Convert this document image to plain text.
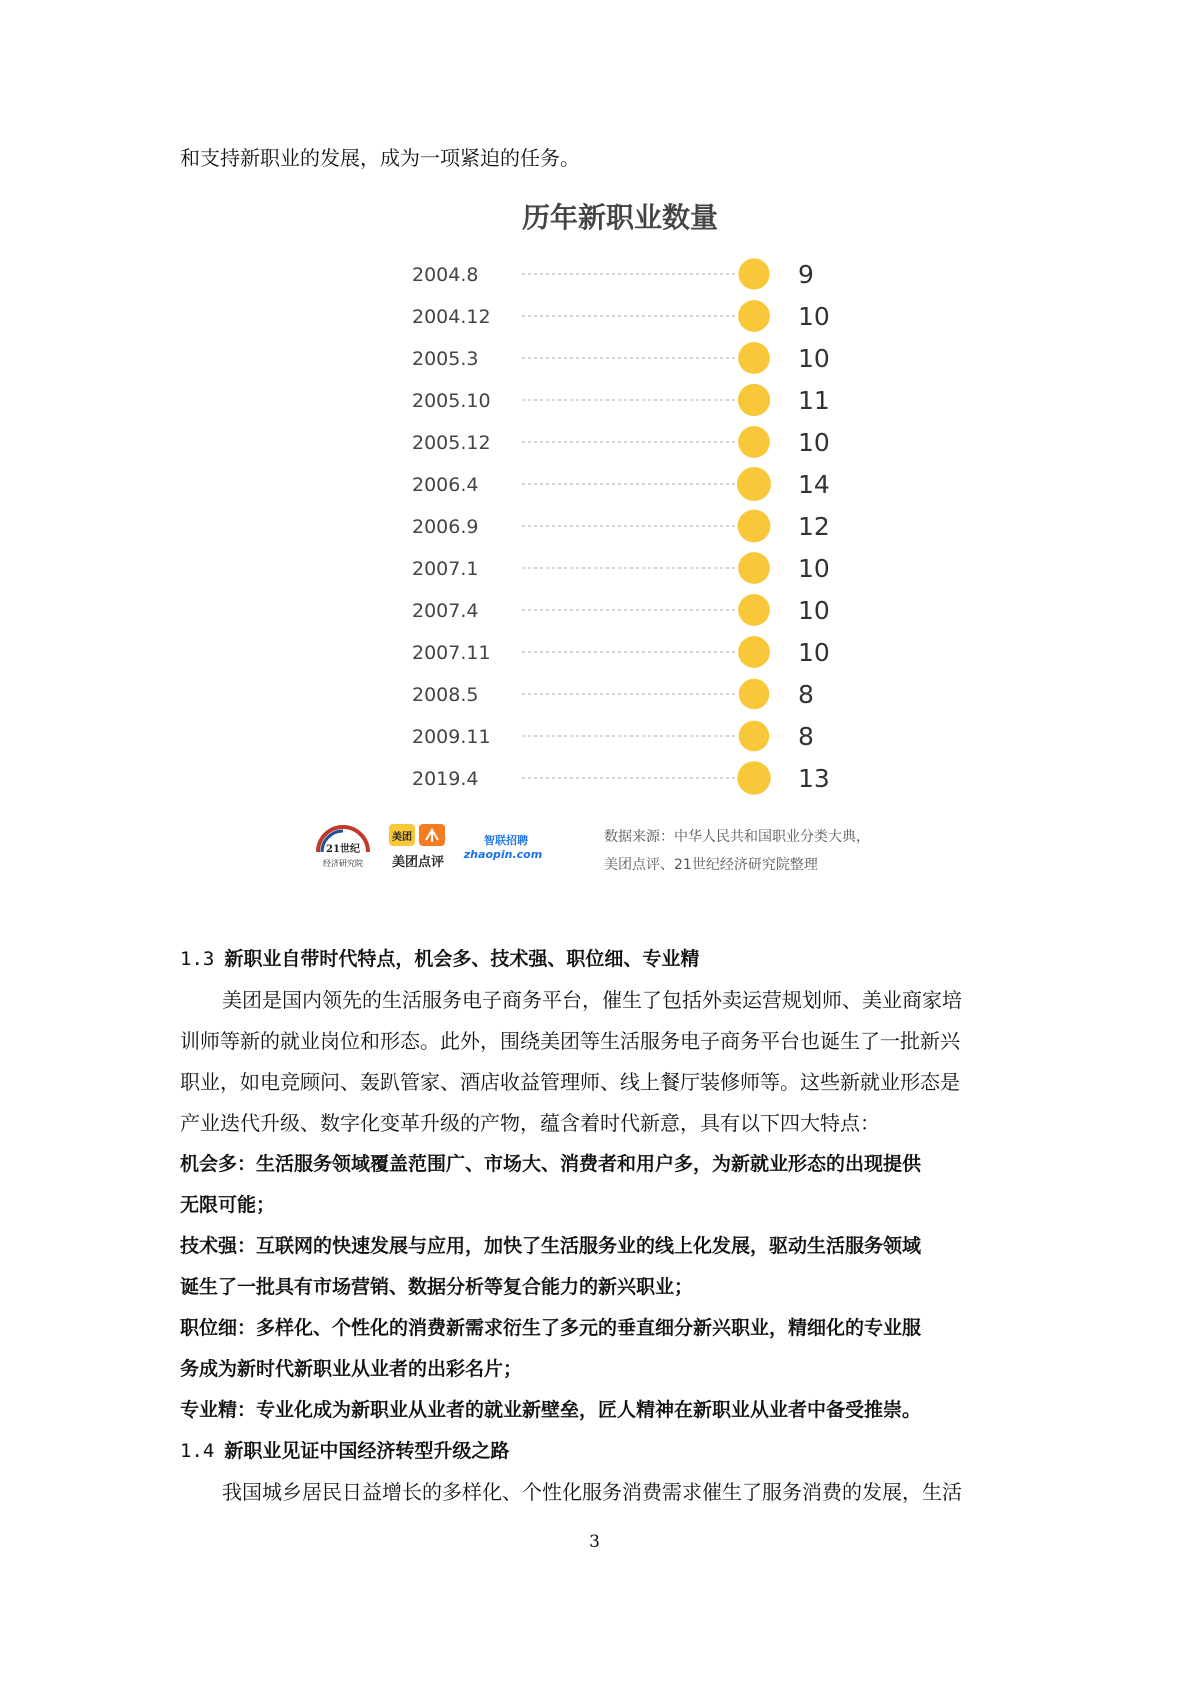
和支持新职业的发展，成为一项紧迫的任务。
历年新职业数量
2004.8	9
2004.12	10
2005.3	10
2005.10	11
2005.12	10
2006.4	14
2006.9	12
2007.1	10
2007.4	10
2007.11	10
2008.5	8
2009.11	8
2019.4	13
21世纪
经济研究院
美团
美团点评
智联招聘
zhaopin.com
数据来源：中华人民共和国职业分类大典，
美团点评、21世纪经济研究院整理
1.3 新职业自带时代特点，机会多、技术强、职位细、专业精
美团是国内领先的生活服务电子商务平台，催生了包括外卖运营规划师、美业商家培
训师等新的就业岗位和形态。此外，围绕美团等生活服务电子商务平台也诞生了一批新兴
职业，如电竞顾问、轰趴管家、酒店收益管理师、线上餐厅装修师等。这些新就业形态是
产业迭代升级、数字化变革升级的产物，蕴含着时代新意，具有以下四大特点：
机会多：生活服务领域覆盖范围广、市场大、消费者和用户多，为新就业形态的出现提供
无限可能；
技术强：互联网的快速发展与应用，加快了生活服务业的线上化发展，驱动生活服务领域
诞生了一批具有市场营销、数据分析等复合能力的新兴职业；
职位细：多样化、个性化的消费新需求衍生了多元的垂直细分新兴职业，精细化的专业服
务成为新时代新职业从业者的出彩名片；
专业精：专业化成为新职业从业者的就业新壁垒，匠人精神在新职业从业者中备受推崇。
1.4 新职业见证中国经济转型升级之路
我国城乡居民日益增长的多样化、个性化服务消费需求催生了服务消费的发展，生活
3
